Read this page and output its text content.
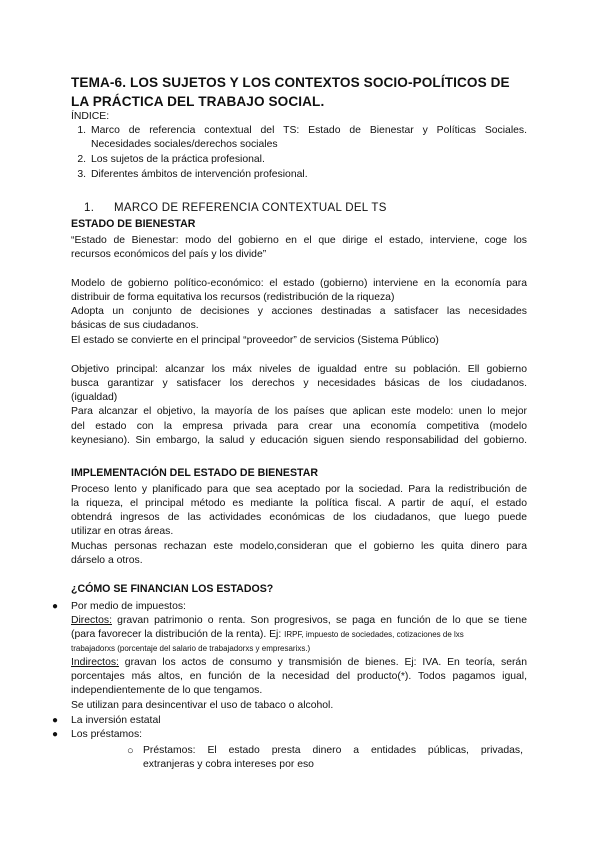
TEMA-6. LOS SUJETOS Y LOS CONTEXTOS SOCIO-POLÍTICOS DE
LA PRÁCTICA DEL TRABAJO SOCIAL.
ÍNDICE:
1. Marco de referencia contextual del TS: Estado de Bienestar y Políticas Sociales.
Necesidades sociales/derechos sociales
2. Los sujetos de la práctica profesional.
3. Diferentes ámbitos de intervención profesional.
1. MARCO DE REFERENCIA CONTEXTUAL DEL TS
ESTADO DE BIENESTAR
“Estado de Bienestar: modo del gobierno en el que dirige el estado, interviene, coge los
recursos económicos del país y los divide”
Modelo de gobierno político-económico: el estado (gobierno) interviene en la economía para
distribuir de forma equitativa los recursos (redistribución de la riqueza)
Adopta un conjunto de decisiones y acciones destinadas a satisfacer las necesidades
básicas de sus ciudadanos.
El estado se convierte en el principal “proveedor” de servicios (Sistema Público)
Objetivo principal: alcanzar los máx niveles de igualdad entre su población. Ell gobierno
busca garantizar y satisfacer los derechos y necesidades básicas de los ciudadanos.
(igualdad)
Para alcanzar el objetivo, la mayoría de los países que aplican este modelo: unen lo mejor
del estado con la empresa privada para crear una economía competitiva (modelo
keynesiano). Sin embargo, la salud y educación siguen siendo responsabilidad del gobierno.
IMPLEMENTACIÓN DEL ESTADO DE BIENESTAR
Proceso lento y planificado para que sea aceptado por la sociedad. Para la redistribución de
la riqueza, el principal método es mediante la política fiscal. A partir de aquí, el estado
obtendrá ingresos de las actividades económicas de los ciudadanos, que luego puede
utilizar en otras áreas.
Muchas personas rechazan este modelo,consideran que el gobierno les quita dinero para
dárselo a otros.
¿CÓMO SE FINANCIAN LOS ESTADOS?
● Por medio de impuestos:
Directos: gravan patrimonio o renta. Son progresivos, se paga en función de lo que se tiene
(para favorecer la distribución de la renta). Ej: IRPF, impuesto de sociedades, cotizaciones de lxs
trabajadorxs (porcentaje del salario de trabajadorxs y empresarixs.)
Indirectos: gravan los actos de consumo y transmisión de bienes. Ej: IVA. En teoría, serán
porcentajes más altos, en función de la necesidad del producto(*). Todos pagamos igual,
independientemente de lo que tengamos.
Se utilizan para desincentivar el uso de tabaco o alcohol.
● La inversión estatal
● Los préstamos:
○ Préstamos: El estado presta dinero a entidades públicas, privadas,
extranjeras y cobra intereses por eso
